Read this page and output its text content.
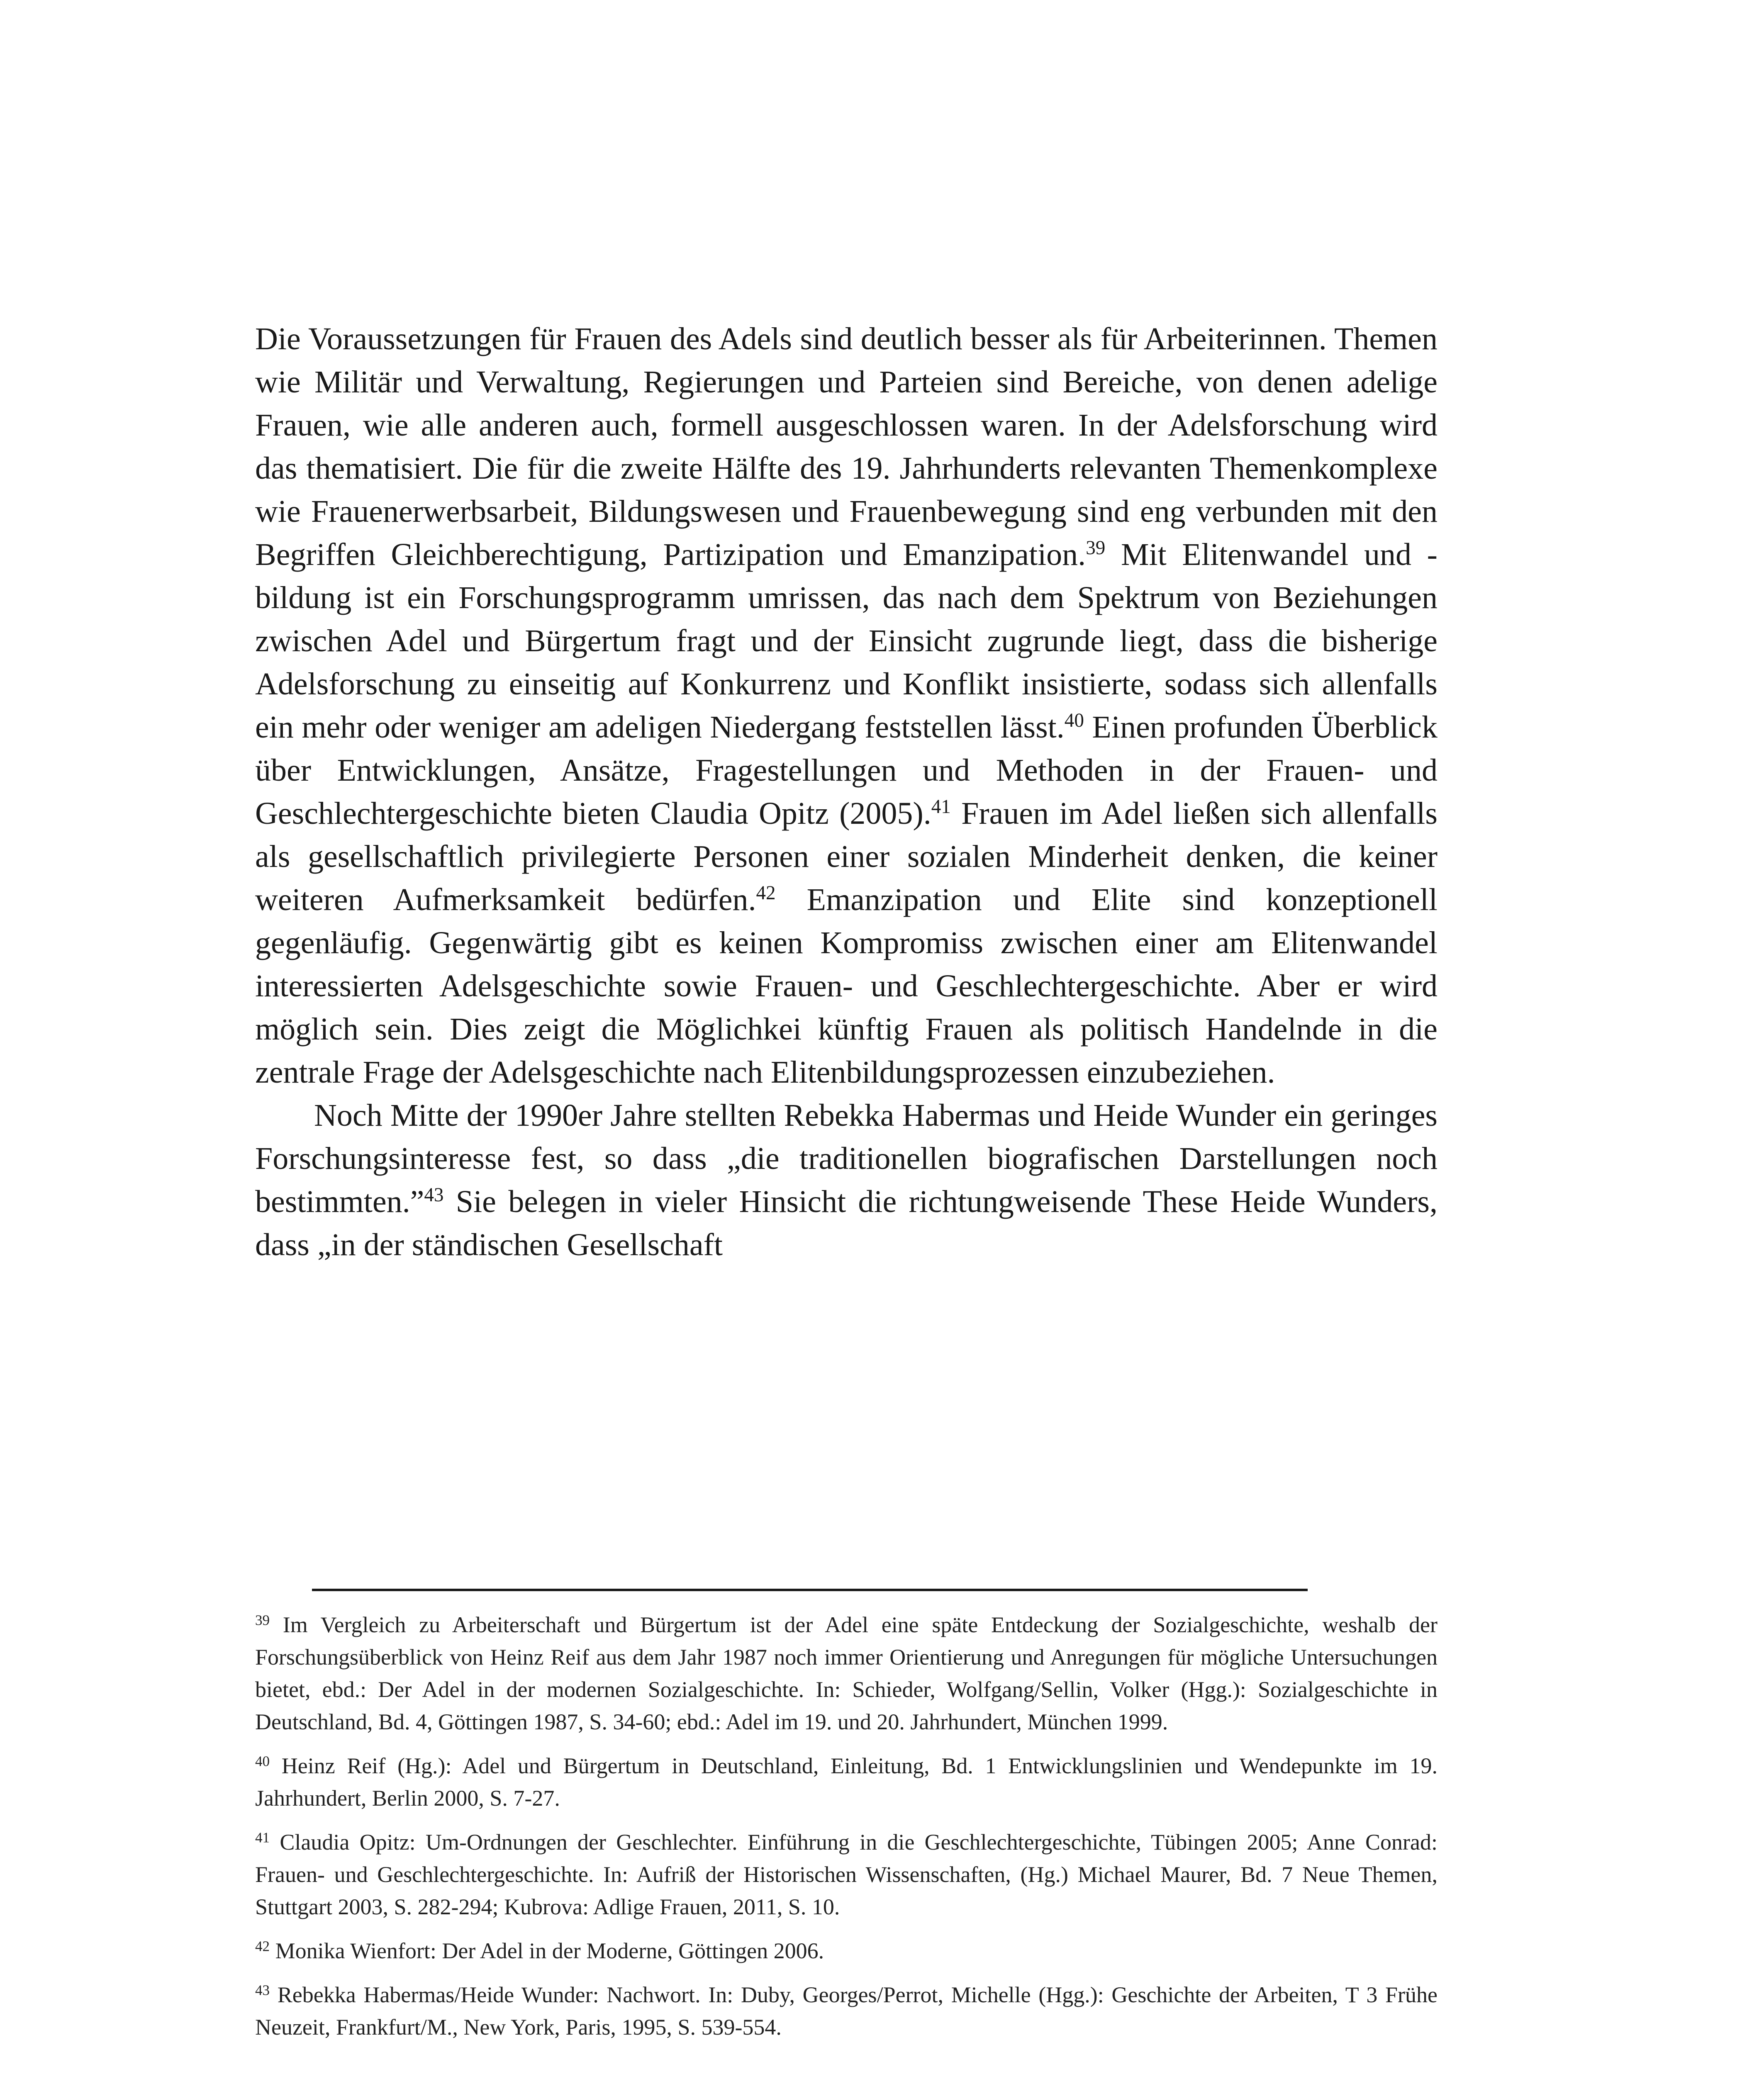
Die Voraussetzungen für Frauen des Adels sind deutlich besser als für Arbeiterinnen. Themen wie Militär und Verwaltung, Regierungen und Parteien sind Bereiche, von denen adelige Frauen, wie alle anderen auch, formell ausgeschlossen waren. In der Adelsforschung wird das thematisiert. Die für die zweite Hälfte des 19. Jahrhunderts relevanten Themenkomplexe wie Frauenerwerbsarbeit, Bildungswesen und Frauenbewegung sind eng verbunden mit den Begriffen Gleichberechtigung, Partizipation und Emanzipation.$^{39}$ Mit Elitenwandel und -bildung ist ein Forschungsprogramm umrissen, das nach dem Spektrum von Beziehungen zwischen Adel und Bürgertum fragt und der Einsicht zugrunde liegt, dass die bisherige Adelsforschung zu einseitig auf Konkurrenz und Konflikt insistierte, sodass sich allenfalls ein mehr oder weniger am adeligen Niedergang feststellen lässt.$^{40}$ Einen profunden Überblick über Entwicklungen, Ansätze, Fragestellungen und Methoden in der Frauen- und Geschlechtergeschichte bieten Claudia Opitz (2005).$^{41}$ Frauen im Adel ließen sich allenfalls als gesellschaftlich privilegierte Personen einer sozialen Minderheit denken, die keiner weiteren Aufmerksamkeit bedürfen.$^{42}$ Emanzipation und Elite sind konzeptionell gegenläufig. Gegenwärtig gibt es keinen Kompromiss zwischen einer am Elitenwandel interessierten Adelsgeschichte sowie Frauen- und Geschlechtergeschichte. Aber er wird möglich sein. Dies zeigt die Möglichkei künftig Frauen als politisch Handelnde in die zentrale Frage der Adelsgeschichte nach Elitenbildungsprozessen einzubeziehen.

Noch Mitte der 1990er Jahre stellten Rebekka Habermas und Heide Wunder ein geringes Forschungsinteresse fest, so dass „die traditionellen biografischen Darstellungen noch bestimmten.”$^{43}$ Sie belegen in vieler Hinsicht die richtungweisende These Heide Wunders, dass „in der ständischen Gesellschaft

$^{39}$ Im Vergleich zu Arbeiterschaft und Bürgertum ist der Adel eine späte Entdeckung der Sozialgeschichte, weshalb der Forschungsüberblick von Heinz Reif aus dem Jahr 1987 noch immer Orientierung und Anregungen für mögliche Untersuchungen bietet, ebd.: Der Adel in der modernen Sozialgeschichte. In: Schieder, Wolfgang/Sellin, Volker (Hgg.): Sozialgeschichte in Deutschland, Bd. 4, Göttingen 1987, S. 34-60; ebd.: Adel im 19. und 20. Jahrhundert, München 1999.

$^{40}$ Heinz Reif (Hg.): Adel und Bürgertum in Deutschland, Einleitung, Bd. 1 Entwicklungslinien und Wendepunkte im 19. Jahrhundert, Berlin 2000, S. 7-27.

$^{41}$ Claudia Opitz: Um-Ordnungen der Geschlechter. Einführung in die Geschlechtergeschichte, Tübingen 2005; Anne Conrad: Frauen- und Geschlechtergeschichte. In: Aufriß der Historischen Wissenschaften, (Hg.) Michael Maurer, Bd. 7 Neue Themen, Stuttgart 2003, S. 282-294; Kubrova: Adlige Frauen, 2011, S. 10.

$^{42}$ Monika Wienfort: Der Adel in der Moderne, Göttingen 2006.

$^{43}$ Rebekka Habermas/Heide Wunder: Nachwort. In: Duby, Georges/Perrot, Michelle (Hgg.): Geschichte der Arbeiten, T 3 Frühe Neuzeit, Frankfurt/M., New York, Paris, 1995, S. 539-554.
